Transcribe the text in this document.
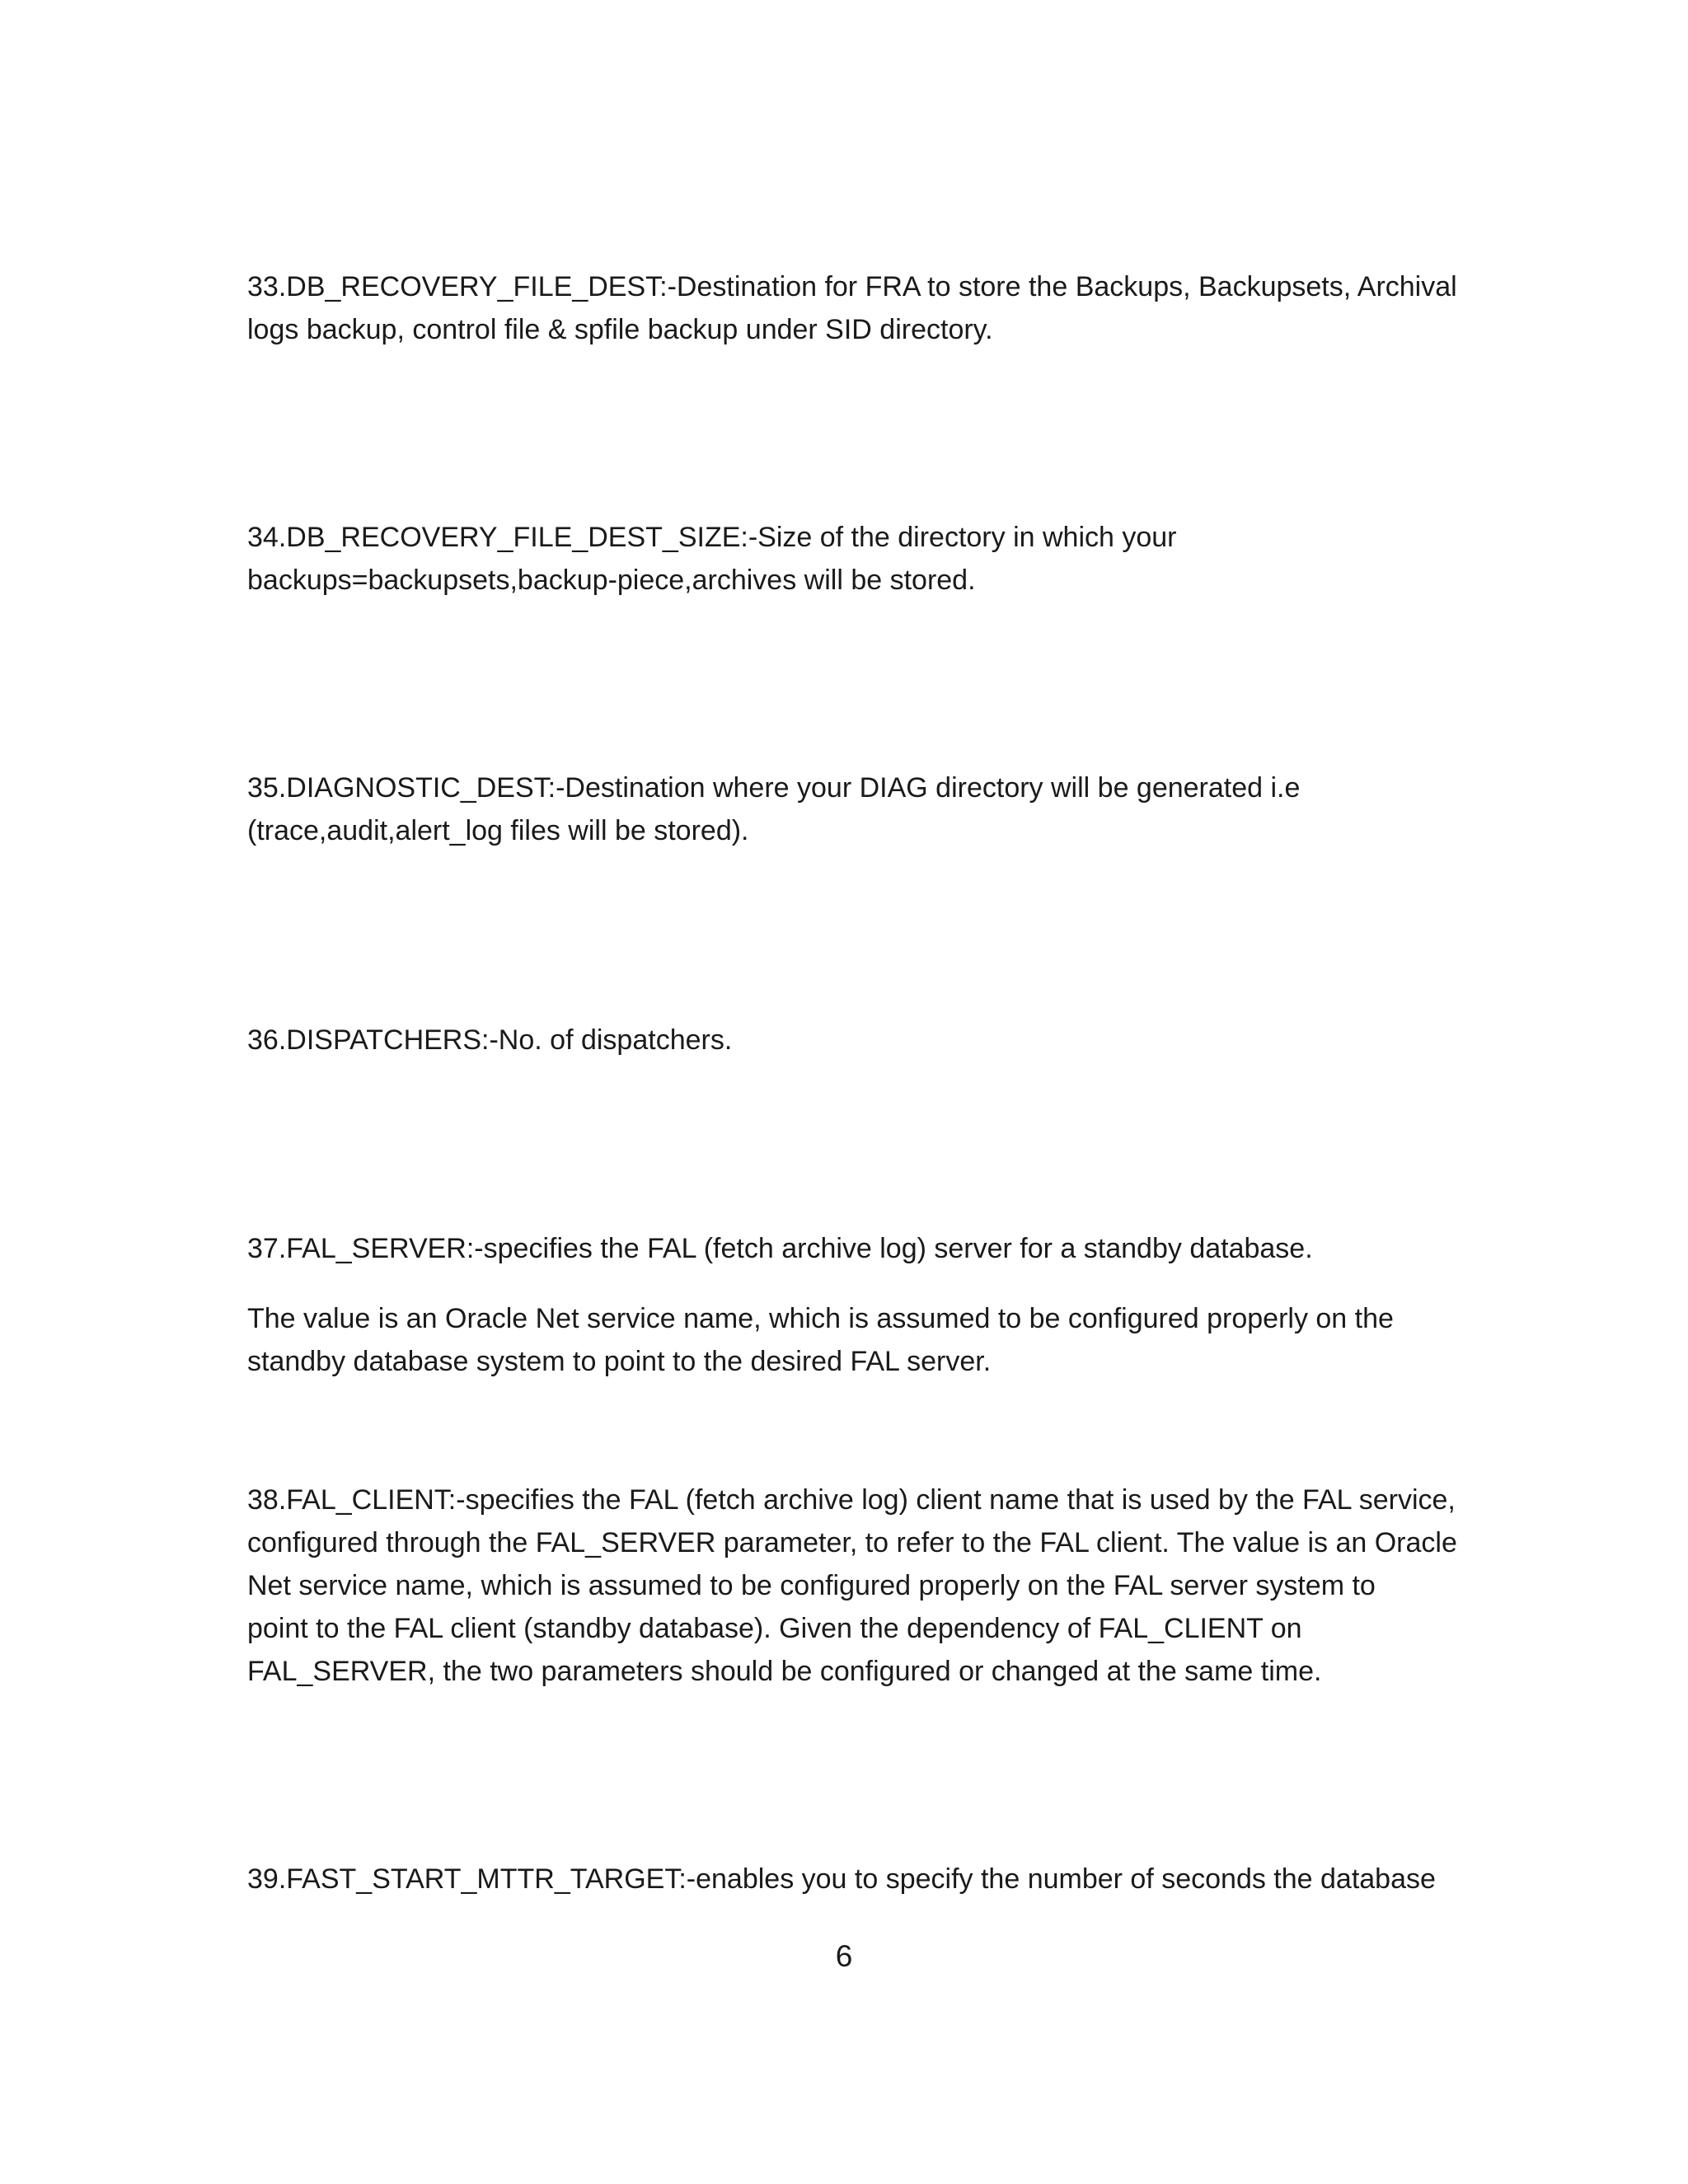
33.DB_RECOVERY_FILE_DEST:-Destination for FRA to store the Backups, Backupsets, Archival
logs backup, control file & spfile backup under SID directory.

34.DB_RECOVERY_FILE_DEST_SIZE:-Size of the directory in which your
backups=backupsets,backup-piece,archives will be stored.

35.DIAGNOSTIC_DEST:-Destination where your DIAG directory will be generated i.e
(trace,audit,alert_log files will be stored).

36.DISPATCHERS:-No. of dispatchers.

37.FAL_SERVER:-specifies the FAL (fetch archive log) server for a standby database.

The value is an Oracle Net service name, which is assumed to be configured properly on the
standby database system to point to the desired FAL server.

38.FAL_CLIENT:-specifies the FAL (fetch archive log) client name that is used by the FAL service,
configured through the FAL_SERVER parameter, to refer to the FAL client. The value is an Oracle
Net service name, which is assumed to be configured properly on the FAL server system to
point to the FAL client (standby database). Given the dependency of FAL_CLIENT on
FAL_SERVER, the two parameters should be configured or changed at the same time.

39.FAST_START_MTTR_TARGET:-enables you to specify the number of seconds the database

6
